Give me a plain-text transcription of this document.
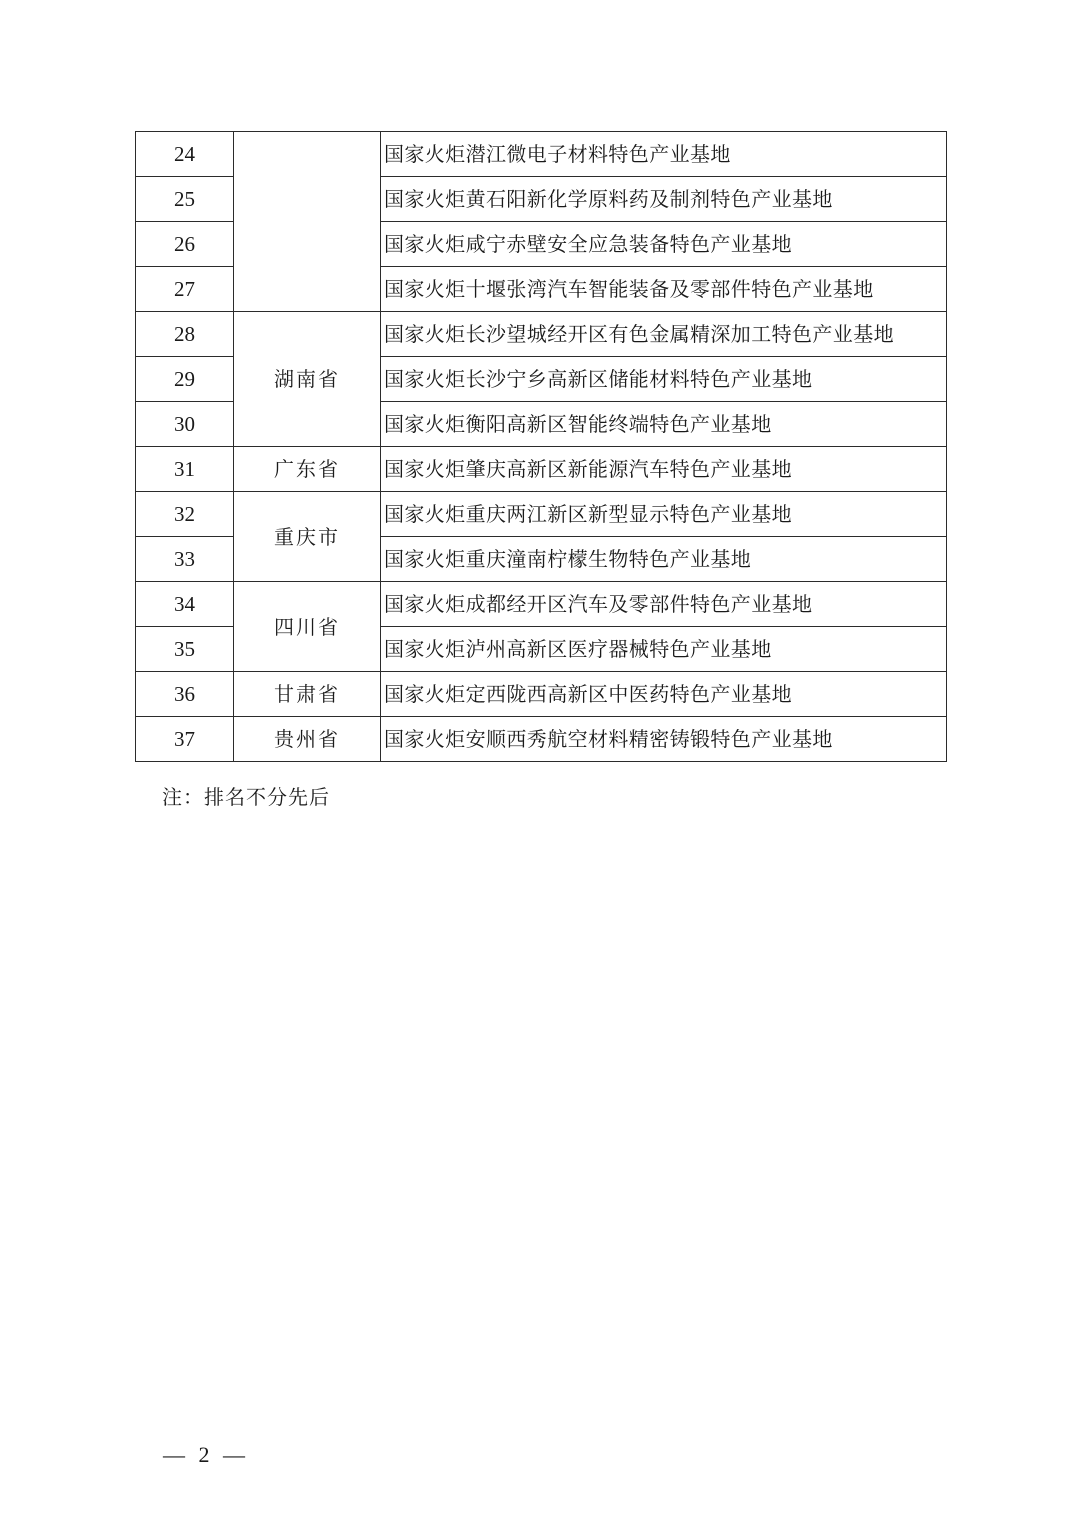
24		国家火炬潜江微电子材料特色产业基地
25		国家火炬黄石阳新化学原料药及制剂特色产业基地
26		国家火炬咸宁赤壁安全应急装备特色产业基地
27		国家火炬十堰张湾汽车智能装备及零部件特色产业基地
28	湖南省	国家火炬长沙望城经开区有色金属精深加工特色产业基地
29		国家火炬长沙宁乡高新区储能材料特色产业基地
30		国家火炬衡阳高新区智能终端特色产业基地
31	广东省	国家火炬肇庆高新区新能源汽车特色产业基地
32	重庆市	国家火炬重庆两江新区新型显示特色产业基地
33		国家火炬重庆潼南柠檬生物特色产业基地
34	四川省	国家火炬成都经开区汽车及零部件特色产业基地
35		国家火炬泸州高新区医疗器械特色产业基地
36	甘肃省	国家火炬定西陇西高新区中医药特色产业基地
37	贵州省	国家火炬安顺西秀航空材料精密铸锻特色产业基地
注：排名不分先后
— 2 —
